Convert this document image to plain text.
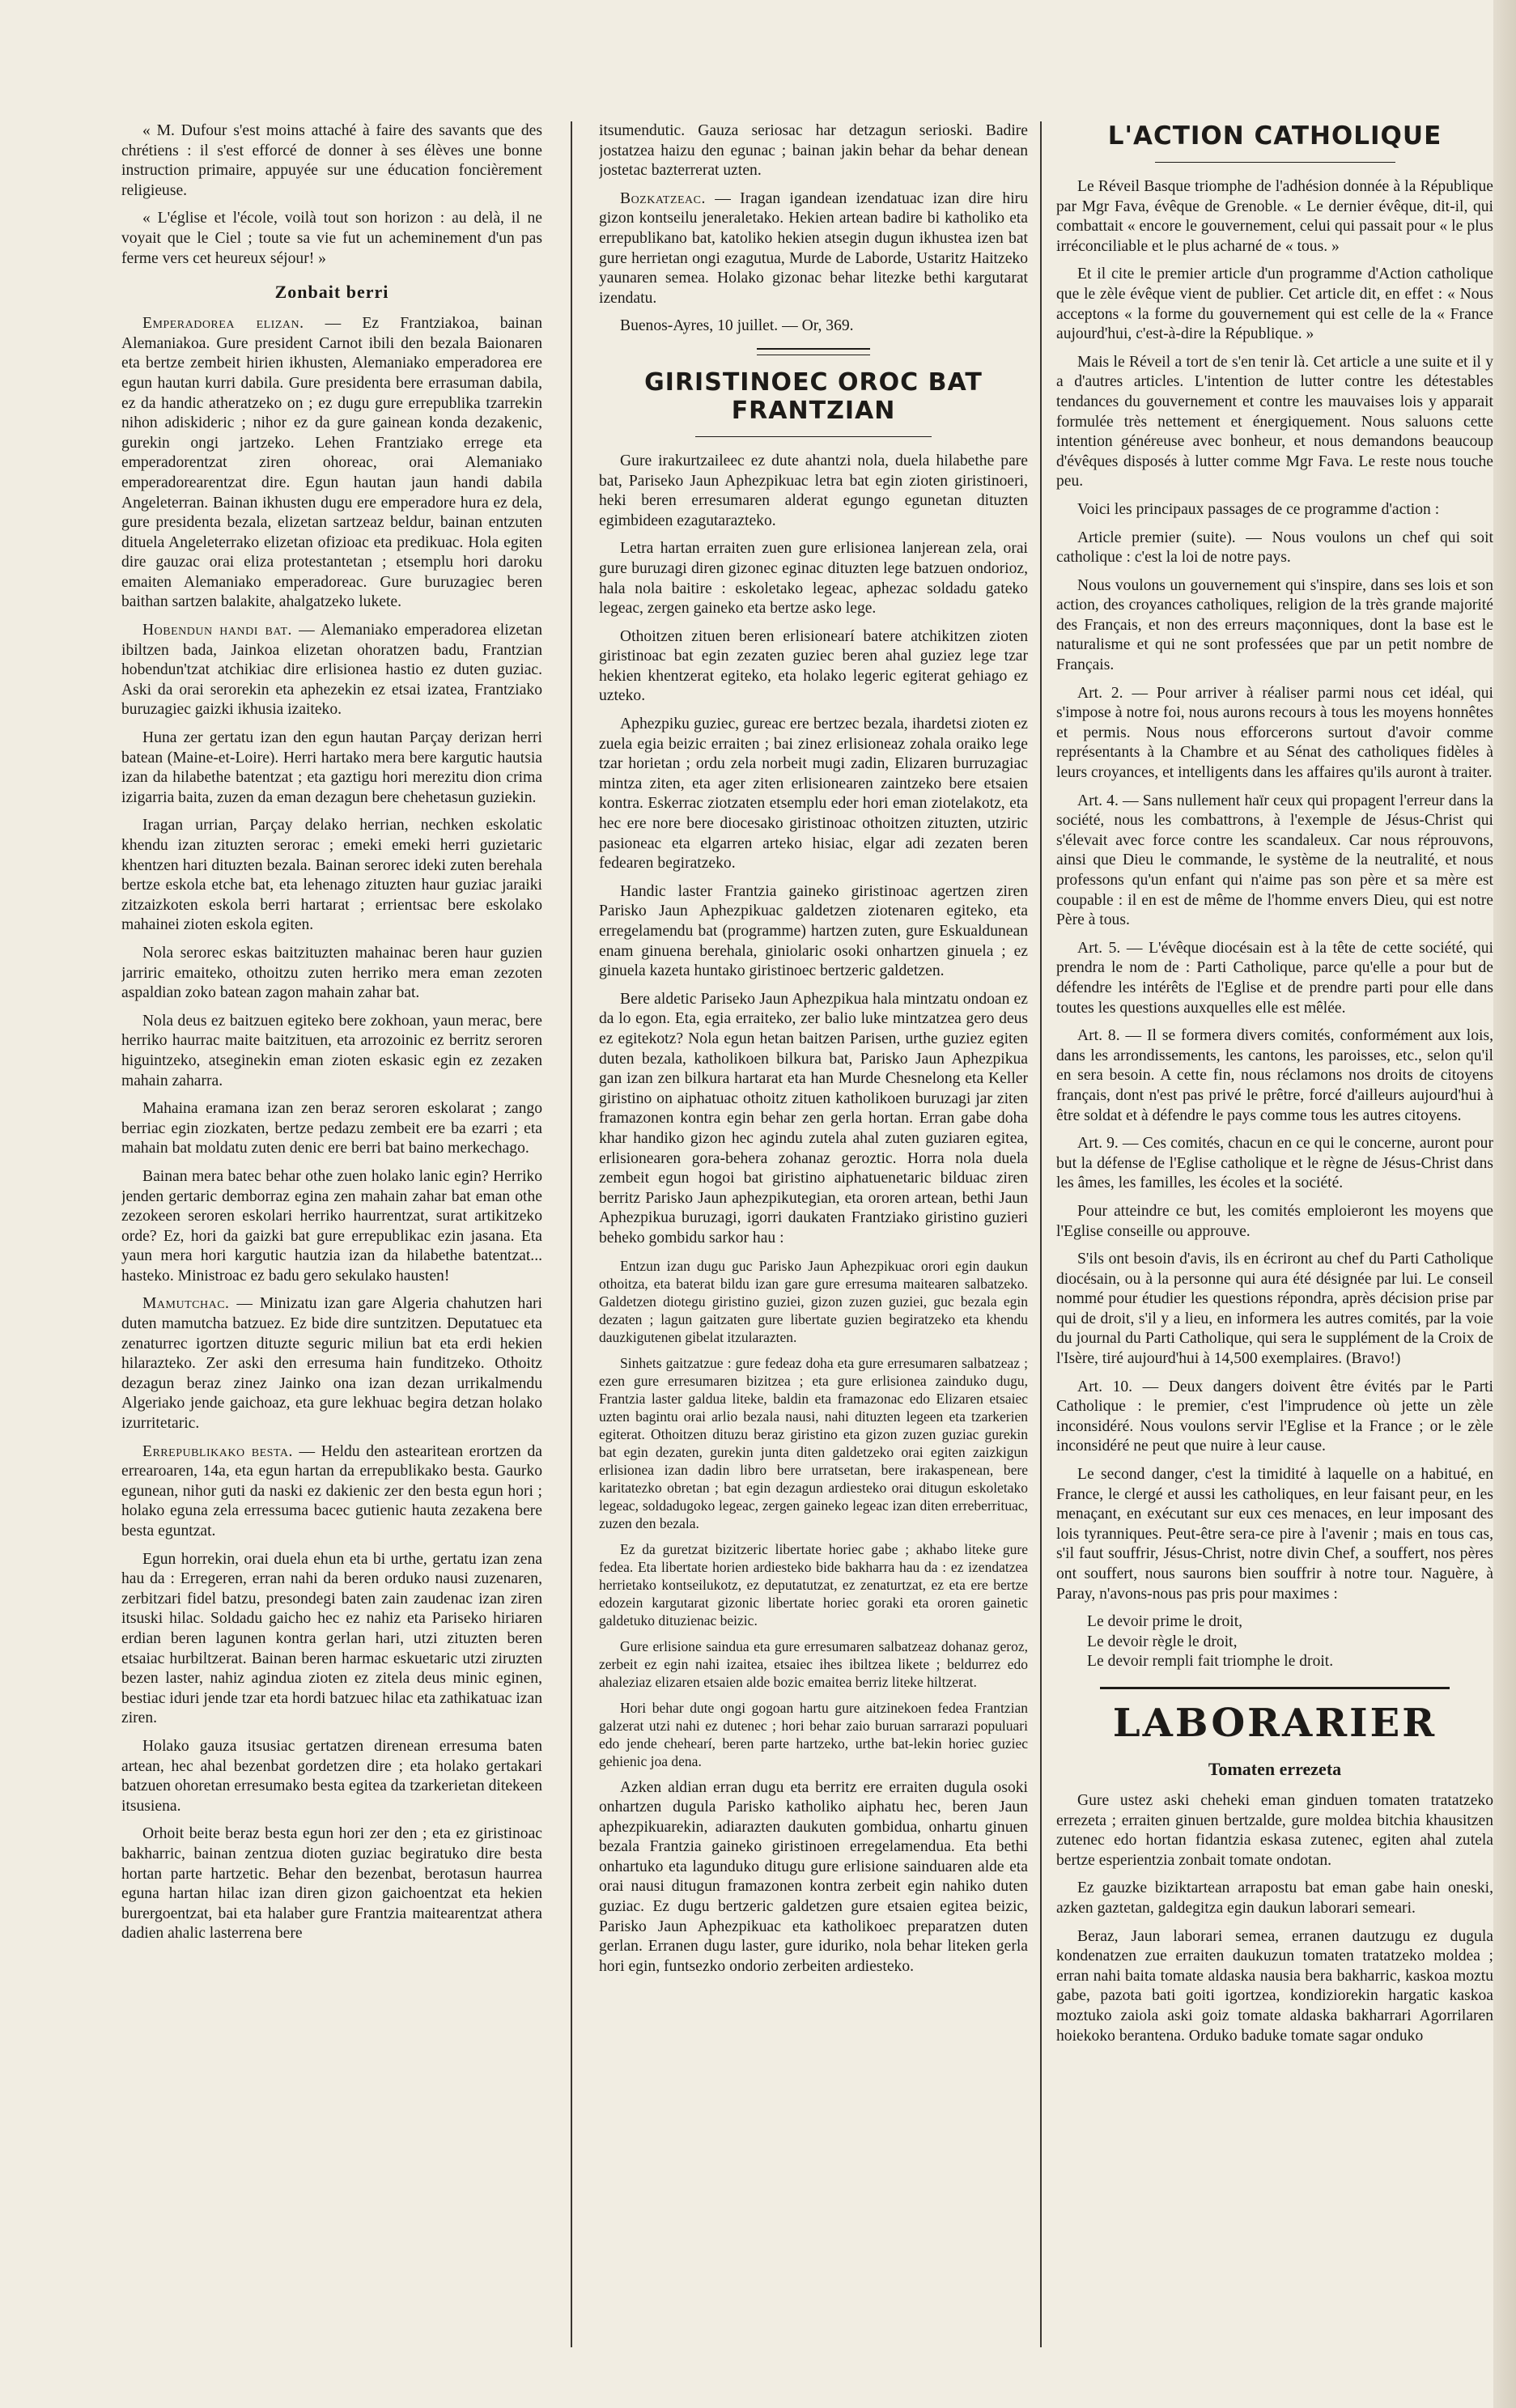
« M. Dufour s'est moins attaché à faire des savants que des chrétiens : il s'est efforcé de donner à ses élèves une bonne instruction primaire, appuyée sur une éducation foncièrement religieuse.

« L'église et l'école, voilà tout son horizon : au delà, il ne voyait que le Ciel ; toute sa vie fut un acheminement d'un pas ferme vers cet heureux séjour! »

Zonbait berri

Emperadorea elizan. — Ez Frantziakoa, bainan Alemaniakoa. Gure president Carnot ibili den bezala Baionaren eta bertze zembeit hirien ikhusten, Alemaniako emperadorea ere egun hautan kurri dabila. Gure presidenta bere errasuman dabila, ez da handic atheratzeko on ; ez dugu gure errepublika tzarrekin nihon adiskideric ; nihor ez da gure gainean konda dezakenic, gurekin ongi jartzeko. Lehen Frantziako errege eta emperadorentzat ziren ohoreac, orai Alemaniako emperadorearentzat dire. Egun hautan jaun handi dabila Angeleterran. Bainan ikhusten dugu ere emperadore hura ez dela, gure presidenta bezala, elizetan sartzeaz beldur, bainan entzuten dituela Angeleterrako elizetan ofizioac eta predikuac. Hola egiten dire gauzac orai eliza protestantetan ; etsemplu hori daroku emaiten Alemaniako emperadoreac. Gure buruzagiec beren baithan sartzen balakite, ahalgatzeko lukete.

Hobendun handi bat. — Alemaniako emperadorea elizetan ibiltzen bada, Jainkoa elizetan ohoratzen badu, Frantzian hobendun'tzat atchikiac dire erlisionea hastio ez duten guziac. Aski da orai serorekin eta aphezekin ez etsai izatea, Frantziako buruzagiec gaizki ikhusia izaiteko.

Huna zer gertatu izan den egun hautan Parçay derizan herri batean (Maine-et-Loire). Herri hartako mera bere kargutic hautsia izan da hilabethe batentzat ; eta gaztigu hori merezitu dion crima izigarria baita, zuzen da eman dezagun bere chehetasun guziekin.

Iragan urrian, Parçay delako herrian, nechken eskolatic khendu izan zituzten serorac ; emeki emeki herri guzietaric khentzen hari dituzten bezala. Bainan serorec ideki zuten berehala bertze eskola etche bat, eta lehenago zituzten haur guziac jaraiki zitzaizkoten eskola berri hartarat ; errientsac bere eskolako mahainei zioten eskola egiten.

Nola serorec eskas baitzituzten mahainac beren haur guzien jarriric emaiteko, othoitzu zuten herriko mera eman zezoten aspaldian zoko batean zagon mahain zahar bat.

Nola deus ez baitzuen egiteko bere zokhoan, yaun merac, bere herriko haurrac maite baitzituen, eta arrozoinic ez berritz seroren higuintzeko, atseginekin eman zioten eskasic egin ez zezaken mahain zaharra.

Mahaina eramana izan zen beraz seroren eskolarat ; zango berriac egin ziozkaten, bertze pedazu zembeit ere ba ezarri ; eta mahain bat moldatu zuten denic ere berri bat baino merkechago.

Bainan mera batec behar othe zuen holako lanic egin? Herriko jenden gertaric demborraz egina zen mahain zahar bat eman othe zezokeen seroren eskolari herriko haurrentzat, surat artikitzeko orde? Ez, hori da gaizki bat gure errepublikac ezin jasana. Eta yaun mera hori kargutic hautzia izan da hilabethe batentzat... hasteko. Ministroac ez badu gero sekulako hausten!

Mamutchac. — Minizatu izan gare Algeria chahutzen hari duten mamutcha batzuez. Ez bide dire suntzitzen. Deputatuec eta zenaturrec igortzen dituzte seguric miliun bat eta erdi hekien hilarazteko. Zer aski den erresuma hain funditzeko. Othoitz dezagun beraz zinez Jainko ona izan dezan urrikalmendu Algeriako jende gaichoaz, eta gure lekhuac begira detzan holako izurritetaric.

Errepublikako besta. — Heldu den astearitean erortzen da errearoaren, 14a, eta egun hartan da errepublikako besta. Gaurko egunean, nihor guti da naski ez dakienic zer den besta egun hori ; holako eguna zela erressuma bacec gutienic hauta zezakena bere besta eguntzat.

Egun horrekin, orai duela ehun eta bi urthe, gertatu izan zena hau da : Erregeren, erran nahi da beren orduko nausi zuzenaren, zerbitzari fidel batzu, presondegi baten zain zaudenac izan ziren itsuski hilac. Soldadu gaicho hec ez nahiz eta Pariseko hiriaren erdian beren lagunen kontra gerlan hari, utzi zituzten beren etsaiac hurbiltzerat. Bainan beren harmac eskuetaric utzi ziruzten bezen laster, nahiz agindua zioten ez zitela deus minic eginen, bestiac iduri jende tzar eta hordi batzuec hilac eta zathikatuac izan ziren.

Holako gauza itsusiac gertatzen direnean erresuma baten artean, hec ahal bezenbat gordetzen dire ; eta holako gertakari batzuen ohoretan erresumako besta egitea da tzarkerietan ditekeen itsusiena.

Orhoit beite beraz besta egun hori zer den ; eta ez giristinoac bakharric, bainan zentzua dioten guziac begiratuko dire besta hortan parte hartzetic. Behar den bezenbat, berotasun haurrea eguna hartan hilac izan diren gizon gaichoentzat eta hekien burergoentzat, bai eta halaber gure Frantzia maitearentzat athera dadien ahalic lasterrena bere

itsumendutic. Gauza seriosac har detzagun serioski. Badire jostatzea haizu den egunac ; bainan jakin behar da behar denean jostetac bazterrerat uzten.

Bozkatzeac. — Iragan igandean izendatuac izan dire hiru gizon kontseilu jeneraletako. Hekien artean badire bi katholiko eta errepublikano bat, katoliko hekien atsegin dugun ikhustea izen bat gure herrietan ongi ezagutua, Murde de Laborde, Ustaritz Haitzeko yaunaren semea. Holako gizonac behar litezke bethi kargutarat izendatu.

Buenos-Ayres, 10 juillet. — Or, 369.

GIRISTINOEC OROC BAT FRANTZIAN

Gure irakurtzaileec ez dute ahantzi nola, duela hilabethe pare bat, Pariseko Jaun Aphezpikuac letra bat egin zioten giristinoeri, heki beren erresumaren alderat egungo egunetan dituzten egimbideen ezagutarazteko.

Letra hartan erraiten zuen gure erlisionea lanjerean zela, orai gure buruzagi diren gizonec eginac dituzten lege batzuen ondorioz, hala nola baitire : eskoletako legeac, aphezac soldadu gateko legeac, zergen gaineko eta bertze asko lege.

Othoitzen zituen beren erlisionearí batere atchikitzen zioten giristinoac bat egin zezaten guziec beren ahal guziez lege tzar hekien khentzerat egiteko, eta holako legeric egiterat gehiago ez uzteko.

Aphezpiku guziec, gureac ere bertzec bezala, ihardetsi zioten ez zuela egia beizic erraiten ; bai zinez erlisioneaz zohala oraiko lege tzar horietan ; ordu zela norbeit mugi zadin, Elizaren burruzagiac mintza ziten, eta ager ziten erlisionearen zaintzeko bere etsaien kontra. Eskerrac ziotzaten etsemplu eder hori eman ziotelakotz, eta hec ere nore bere diocesako giristinoac othoitzen zituzten, utziric pasioneac eta elgarren arteko hisiac, elgar adi zezaten beren fedearen begiratzeko.

Handic laster Frantzia gaineko giristinoac agertzen ziren Parisko Jaun Aphezpikuac galdetzen ziotenaren egiteko, eta erregelamendu bat (programme) hartzen zuten, gure Eskualdunean enam ginuena berehala, giniolaric osoki onhartzen ginuela ; ez ginuela kazeta huntako giristinoec bertzeric galdetzen.

Bere aldetic Pariseko Jaun Aphezpikua hala mintzatu ondoan ez da lo egon. Eta, egia erraiteko, zer balio luke mintzatzea gero deus ez egitekotz? Nola egun hetan baitzen Parisen, urthe guziez egiten duten bezala, katholikoen bilkura bat, Parisko Jaun Aphezpikua gan izan zen bilkura hartarat eta han Murde Chesnelong eta Keller giristino on aiphatuac othoitz zituen katholikoen buruzagi jar ziten framazonen kontra egin behar zen gerla hortan. Erran gabe doha khar handiko gizon hec agindu zutela ahal zuten guziaren egitea, erlisionearen gora-behera zohanaz geroztic. Horra nola duela zembeit egun hogoi bat giristino aiphatuenetaric bilduac ziren berritz Parisko Jaun aphezpikutegian, eta ororen artean, bethi Jaun Aphezpikua buruzagi, igorri daukaten Frantziako giristino guzieri beheko gombidu sarkor hau :

Entzun izan dugu guc Parisko Jaun Aphezpikuac orori egin daukun othoitza, eta baterat bildu izan gare gure erresuma maitearen salbatzeko. Galdetzen diotegu giristino guziei, gizon zuzen guziei, guc bezala egin dezaten ; lagun gaitzaten gure libertate guzien begiratzeko eta khendu dauzkigutenen gibelat itzularazten.

Sinhets gaitzatzue : gure fedeaz doha eta gure erresumaren salbatzeaz ; ezen gure erresumaren bizitzea ; eta gure erlisionea zainduko dugu, Frantzia laster galdua liteke, baldin eta framazonac edo Elizaren etsaiec uzten bagintu orai arlio bezala nausi, nahi dituzten legeen eta tzarkerien egiterat. Othoitzen dituzu beraz giristino eta gizon zuzen guziac gurekin bat egin dezaten, gurekin junta diten galdetzeko orai egiten zaizkigun erlisionea izan dadin libro bere urratsetan, bere irakaspenean, bere karitatezko obretan ; bat egin dezagun ardiesteko orai ditugun eskoletako legeac, soldadugoko legeac, zergen gaineko legeac izan diten erreberrituac, zuzen den bezala.

Ez da guretzat bizitzeric libertate horiec gabe ; akhabo liteke gure fedea. Eta libertate horien ardiesteko bide bakharra hau da : ez izendatzea herrietako kontseilukotz, ez deputatutzat, ez zenaturtzat, ez eta ere bertze edozein kargutarat gizonic libertate horiec goraki eta ororen gainetic galdetuko dituzienac beizic.

Gure erlisione saindua eta gure erresumaren salbatzeaz dohanaz geroz, zerbeit ez egin nahi izaitea, etsaiec ihes ibiltzea likete ; beldurrez edo ahaleziaz elizaren etsaien alde bozic emaitea berriz liteke hiltzerat.

Hori behar dute ongi gogoan hartu gure aitzinekoen fedea Frantzian galzerat utzi nahi ez dutenec ; hori behar zaio buruan sarrarazi populuari edo jende chehearí, beren parte hartzeko, urthe bat-lekin horiec guziec gehienic joa dena.

Azken aldian erran dugu eta berritz ere erraiten dugula osoki onhartzen dugula Parisko katholiko aiphatu hec, beren Jaun aphezpikuarekin, adiarazten daukuten gombidua, onhartu ginuen bezala Frantzia gaineko giristinoen erregelamendua. Eta bethi onhartuko eta lagunduko ditugu gure erlisione sainduaren alde eta orai nausi ditugun framazonen kontra zerbeit egin nahiko duten guziac. Ez dugu bertzeric galdetzen gure etsaien egitea beizic, Parisko Jaun Aphezpikuac eta katholikoec preparatzen duten gerlan. Erranen dugu laster, gure iduriko, nola behar liteken gerla hori egin, funtsezko ondorio zerbeiten ardiesteko.

L'ACTION CATHOLIQUE

Le Réveil Basque triomphe de l'adhésion donnée à la République par Mgr Fava, évêque de Grenoble. « Le dernier évêque, dit-il, qui combattait « encore le gouvernement, celui qui passait pour « le plus irréconciliable et le plus acharné de « tous. »

Et il cite le premier article d'un programme d'Action catholique que le zèle évêque vient de publier. Cet article dit, en effet : « Nous acceptons « la forme du gouvernement qui est celle de la « France aujourd'hui, c'est-à-dire la République. »

Mais le Réveil a tort de s'en tenir là. Cet article a une suite et il y a d'autres articles. L'intention de lutter contre les détestables tendances du gouvernement et contre les mauvaises lois y apparait formulée très nettement et énergiquement. Nous saluons cette intention généreuse avec bonheur, et nous demandons beaucoup d'évêques disposés à lutter comme Mgr Fava. Le reste nous touche peu.

Voici les principaux passages de ce programme d'action :

Article premier (suite). — Nous voulons un chef qui soit catholique : c'est la loi de notre pays.

Nous voulons un gouvernement qui s'inspire, dans ses lois et son action, des croyances catholiques, religion de la très grande majorité des Français, et non des erreurs maçonniques, dont la base est le naturalisme et qui ne sont professées que par un petit nombre de Français.

Art. 2. — Pour arriver à réaliser parmi nous cet idéal, qui s'impose à notre foi, nous aurons recours à tous les moyens honnêtes et permis. Nous nous efforcerons surtout d'avoir comme représentants à la Chambre et au Sénat des catholiques fidèles à leurs croyances, et intelligents dans les affaires qu'ils auront à traiter.

Art. 4. — Sans nullement haïr ceux qui propagent l'erreur dans la société, nous les combattrons, à l'exemple de Jésus-Christ qui s'élevait avec force contre les scandaleux. Car nous réprouvons, ainsi que Dieu le commande, le système de la neutralité, et nous professons qu'un enfant qui n'aime pas son père et sa mère est coupable : il en est de même de l'homme envers Dieu, qui est notre Père à tous.

Art. 5. — L'évêque diocésain est à la tête de cette société, qui prendra le nom de : Parti Catholique, parce qu'elle a pour but de défendre les intérêts de l'Eglise et de prendre parti pour elle dans toutes les questions auxquelles elle est mêlée.

Art. 8. — Il se formera divers comités, conformément aux lois, dans les arrondissements, les cantons, les paroisses, etc., selon qu'il en sera besoin. A cette fin, nous réclamons nos droits de citoyens français, dont n'est pas privé le prêtre, forcé d'ailleurs aujourd'hui à être soldat et à défendre le pays comme tous les autres citoyens.

Art. 9. — Ces comités, chacun en ce qui le concerne, auront pour but la défense de l'Eglise catholique et le règne de Jésus-Christ dans les âmes, les familles, les écoles et la société.

Pour atteindre ce but, les comités emploieront les moyens que l'Eglise conseille ou approuve.

S'ils ont besoin d'avis, ils en écriront au chef du Parti Catholique diocésain, ou à la personne qui aura été désignée par lui. Le conseil nommé pour étudier les questions répondra, après décision prise par qui de droit, s'il y a lieu, en informera les autres comités, par la voie du journal du Parti Catholique, qui sera le supplément de la Croix de l'Isère, tiré aujourd'hui à 14,500 exemplaires. (Bravo!)

Art. 10. — Deux dangers doivent être évités par le Parti Catholique : le premier, c'est l'imprudence où jette un zèle inconsidéré. Nous voulons servir l'Eglise et la France ; or le zèle inconsidéré ne peut que nuire à leur cause.

Le second danger, c'est la timidité à laquelle on a habitué, en France, le clergé et aussi les catholiques, en leur faisant peur, en les menaçant, en exécutant sur eux ces menaces, en leur imposant des lois tyranniques. Peut-être sera-ce pire à l'avenir ; mais en tous cas, s'il faut souffrir, Jésus-Christ, notre divin Chef, a souffert, nos pères ont souffert, nous saurons bien souffrir à notre tour. Naguère, à Paray, n'avons-nous pas pris pour maximes :

Le devoir prime le droit,

Le devoir règle le droit,

Le devoir rempli fait triomphe le droit.

LABORARIER
Tomaten errezeta

Gure ustez aski cheheki eman ginduen tomaten tratatzeko errezeta ; erraiten ginuen bertzalde, gure moldea bitchia khausitzen zutenec edo hortan fidantzia eskasa zutenec, egiten ahal zutela bertze esperientzia zonbait tomate ondotan.

Ez gauzke biziktartean arrapostu bat eman gabe hain oneski, azken gaztetan, galdegitza egin daukun laborari semeari.

Beraz, Jaun laborari semea, erranen dautzugu ez dugula kondenatzen zue erraiten daukuzun tomaten tratatzeko moldea ; erran nahi baita tomate aldaska nausia bera bakharric, kaskoa moztu gabe, pazota bati goiti igortzea, kondiziorekin hargatic kaskoa moztuko zaiola aski goiz tomate aldaska bakharrari Agorrilaren hoiekoko berantena. Orduko baduke tomate sagar onduko
